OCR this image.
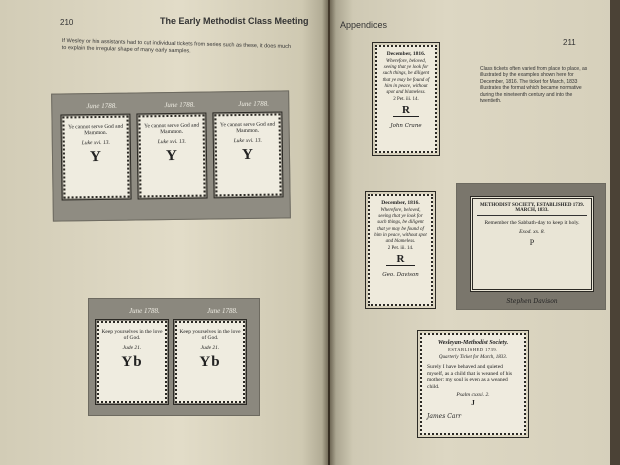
210	The Early Methodist Class Meeting

If Wesley or his assistants had to cut individual tickets from series such as these, it does much to explain the irregular shape of many early samples.

June 1788.	June 1788.	June 1788.
Ye cannot serve God and Mammon.
Luke xvi. 13.
Y
Ye cannot serve God and Mammon.
Luke xvi. 13.
Y
Ye cannot serve God and Mammon.
Luke xvi. 13.
Y
June 1788.	June 1788.
Keep yourselves in the love of God.
Jude 21.
Yb
Keep yourselves in the love of God.
Jude 21.
Yb
Appendices
211

Class tickets often varied from place to place, as illustrated by the examples shown here for December, 1816. The ticket for March, 1833 illustrates the format which became normative during the nineteenth century and into the twentieth.

December, 1816.
Wherefore, beloved, seeing that ye look for such things, be diligent that ye may be found of him in peace, without spot and blameless.
2 Pet. iii. 14.
R
John Crane
December, 1816.
Wherefore, beloved, seeing that ye look for such things, be diligent that ye may be found of him in peace, without spot and blameless.
2 Pet. iii. 14.
R
Geo. Davison
METHODIST SOCIETY, ESTABLISHED 1739. MARCH, 1833.
Remember the Sabbath-day to keep it holy.
Exod. xx. 8.
P
Stephen Davison
Wesleyan-Methodist Society.
ESTABLISHED 1739.
Quarterly Ticket for March, 1833.
Surely I have behaved and quieted myself, as a child that is weaned of his mother: my soul is even as a weaned child.
Psalm cxxxi. 2.
J
James Carr
